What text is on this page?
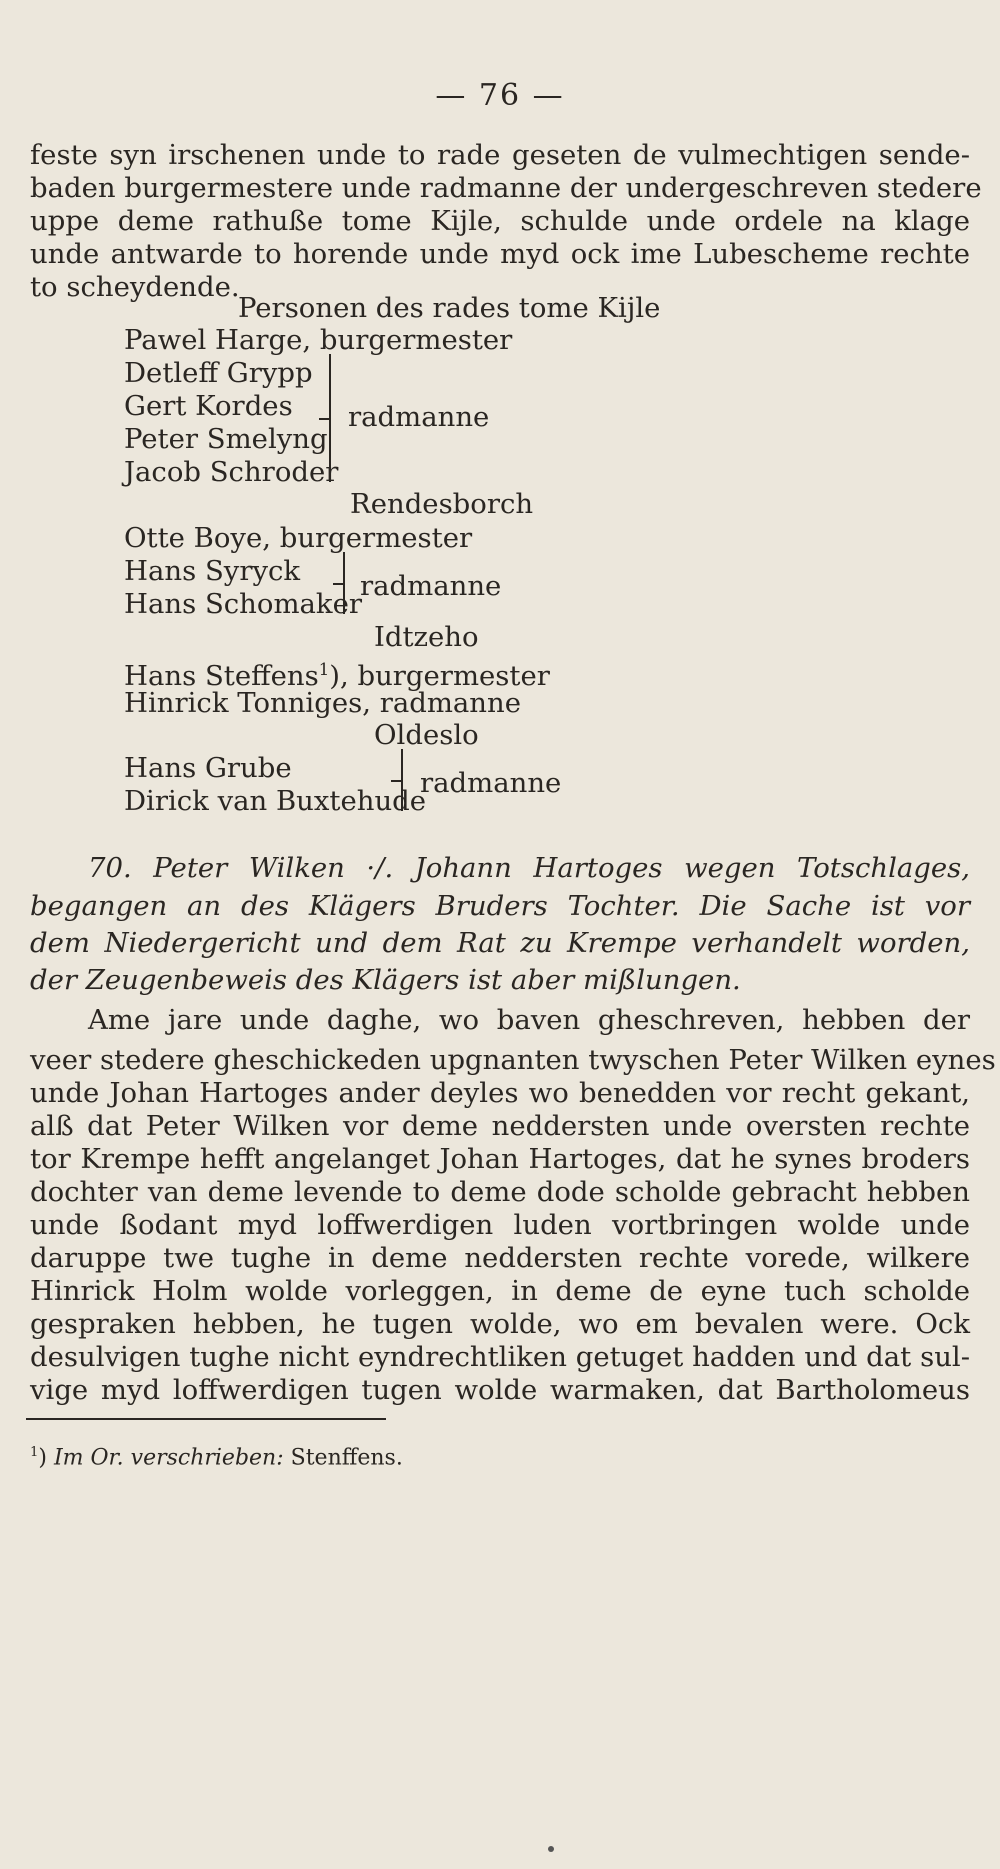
— 76 —
feste syn irschenen unde to rade geseten de vulmechtigen sende-
baden burgermestere unde radmanne der undergeschreven stedere
uppe deme rathuße tome Kijle, schulde unde ordele na klage
unde antwarde to horende unde myd ock ime Lubescheme rechte
to scheydende.
Personen des rades tome Kijle
Pawel Harge, burgermester
Detleff Grypp
Gert Kordes
Peter Smelyng
Jacob Schroder
radmanne
Rendesborch
Otte Boye, burgermester
Hans Syryck
Hans Schomaker
radmanne
Idtzeho
Hans Steffens$^1$), burgermester
Hinrick Tonniges, radmanne
Oldeslo
Hans Grube
Dirick van Buxtehude
radmanne
70. Peter Wilken ·/. Johann Hartoges wegen Totschlages,
begangen an des Klägers Bruders Tochter. Die Sache ist vor
dem Niedergericht und dem Rat zu Krempe verhandelt worden,
der Zeugenbeweis des Klägers ist aber mißlungen.
Ame jare unde daghe, wo baven gheschreven, hebben der
veer stedere gheschickeden upgnanten twyschen Peter Wilken eynes
unde Johan Hartoges ander deyles wo benedden vor recht gekant,
alß dat Peter Wilken vor deme neddersten unde oversten rechte
tor Krempe hefft angelanget Johan Hartoges, dat he synes broders
dochter van deme levende to deme dode scholde gebracht hebben
unde ßodant myd loffwerdigen luden vortbringen wolde unde
daruppe twe tughe in deme neddersten rechte vorede, wilkere
Hinrick Holm wolde vorleggen, in deme de eyne tuch scholde
gespraken hebben, he tugen wolde, wo em bevalen were. Ock
desulvigen tughe nicht eyndrechtliken getuget hadden und dat sul-
vige myd loffwerdigen tugen wolde warmaken, dat Bartholomeus
$^1$) Im Or. verschrieben: Stenffens.
